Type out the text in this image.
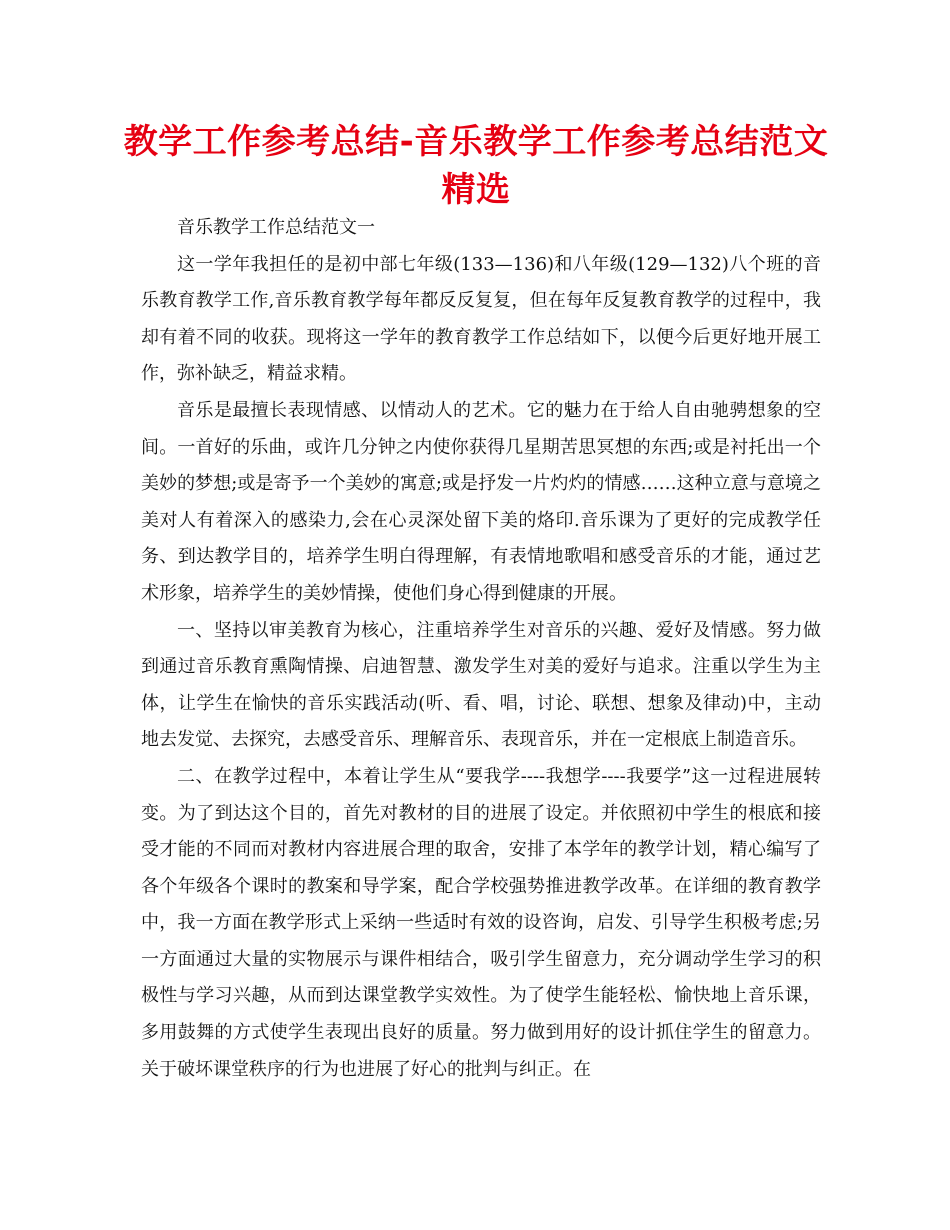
教学工作参考总结-音乐教学工作参考总结范文精选

音乐教学工作总结范文一

这一学年我担任的是初中部七年级(133—136)和八年级(129—132)八个班的音乐教育教学工作,音乐教育教学每年都反反复复，但在每年反复教育教学的过程中，我却有着不同的收获。现将这一学年的教育教学工作总结如下，以便今后更好地开展工作，弥补缺乏，精益求精。

音乐是最擅长表现情感、以情动人的艺术。它的魅力在于给人自由驰骋想象的空间。一首好的乐曲，或许几分钟之内使你获得几星期苦思冥想的东西;或是衬托出一个美妙的梦想;或是寄予一个美妙的寓意;或是抒发一片灼灼的情感……这种立意与意境之美对人有着深入的感染力,会在心灵深处留下美的烙印.音乐课为了更好的完成教学任务、到达教学目的，培养学生明白得理解，有表情地歌唱和感受音乐的才能，通过艺术形象，培养学生的美妙情操，使他们身心得到健康的开展。

一、坚持以审美教育为核心，注重培养学生对音乐的兴趣、爱好及情感。努力做到通过音乐教育熏陶情操、启迪智慧、激发学生对美的爱好与追求。注重以学生为主体，让学生在愉快的音乐实践活动(听、看、唱，讨论、联想、想象及律动)中，主动地去发觉、去探究，去感受音乐、理解音乐、表现音乐，并在一定根底上制造音乐。

二、在教学过程中，本着让学生从“要我学----我想学----我要学”这一过程进展转变。为了到达这个目的，首先对教材的目的进展了设定。并依照初中学生的根底和接受才能的不同而对教材内容进展合理的取舍，安排了本学年的教学计划，精心编写了各个年级各个课时的教案和导学案，配合学校强势推进教学改革。在详细的教育教学中，我一方面在教学形式上采纳一些适时有效的设咨询，启发、引导学生积极考虑;另一方面通过大量的实物展示与课件相结合，吸引学生留意力，充分调动学生学习的积极性与学习兴趣，从而到达课堂教学实效性。为了使学生能轻松、愉快地上音乐课，多用鼓舞的方式使学生表现出良好的质量。努力做到用好的设计抓住学生的留意力。关于破坏课堂秩序的行为也进展了好心的批判与纠正。在
